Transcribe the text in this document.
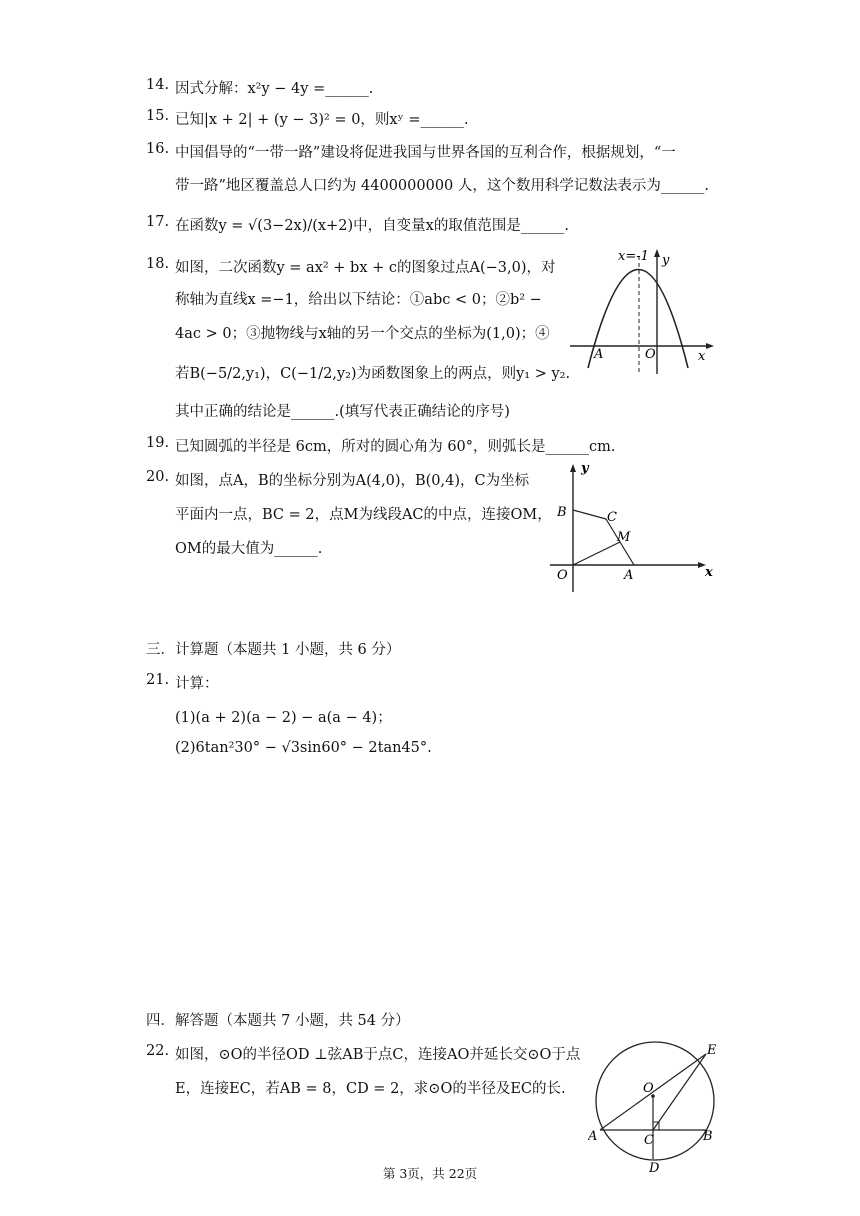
14. 因式分解：x²y − 4y =______.
15. 已知|x + 2| + (y − 3)² = 0，则xʸ =______.
16. 中国倡导的“一带一路”建设将促进我国与世界各国的互利合作，根据规划，“一
带一路”地区覆盖总人口约为 4400000000 人，这个数用科学记数法表示为______.
17. 在函数y = √(3−2x)/(x+2)中，自变量x的取值范围是______.
18. 如图，二次函数y = ax² + bx + c的图象过点A(−3,0)，对
称轴为直线x =−1，给出以下结论：①abc < 0；②b² −
4ac > 0；③抛物线与x轴的另一个交点的坐标为(1,0)；④
若B(−5/2,y₁)，C(−1/2,y₂)为函数图象上的两点，则y₁ > y₂.
其中正确的结论是______.(填写代表正确结论的序号)
x=-1 y
A	O	x
19. 已知圆弧的半径是 6cm，所对的圆心角为 60°，则弧长是______cm.
20. 如图，点A，B的坐标分别为A(4,0)，B(0,4)，C为坐标
平面内一点，BC = 2，点M为线段AC的中点，连接OM，
OM的最大值为______.
y
B	C
M
O	A	x
三．计算题（本题共 1 小题，共 6 分）
21. 计算：
(1)(a + 2)(a − 2) − a(a − 4)；
(2)6tan²30° − √3sin60° − 2tan45°.
四．解答题（本题共 7 小题，共 54 分）
22. 如图，⊙O的半径OD ⊥弦AB于点C，连接AO并延长交⊙O于点
E，连接EC，若AB = 8，CD = 2，求⊙O的半径及EC的长.
E
O
A	C	B
D
第 3页，共 22页
